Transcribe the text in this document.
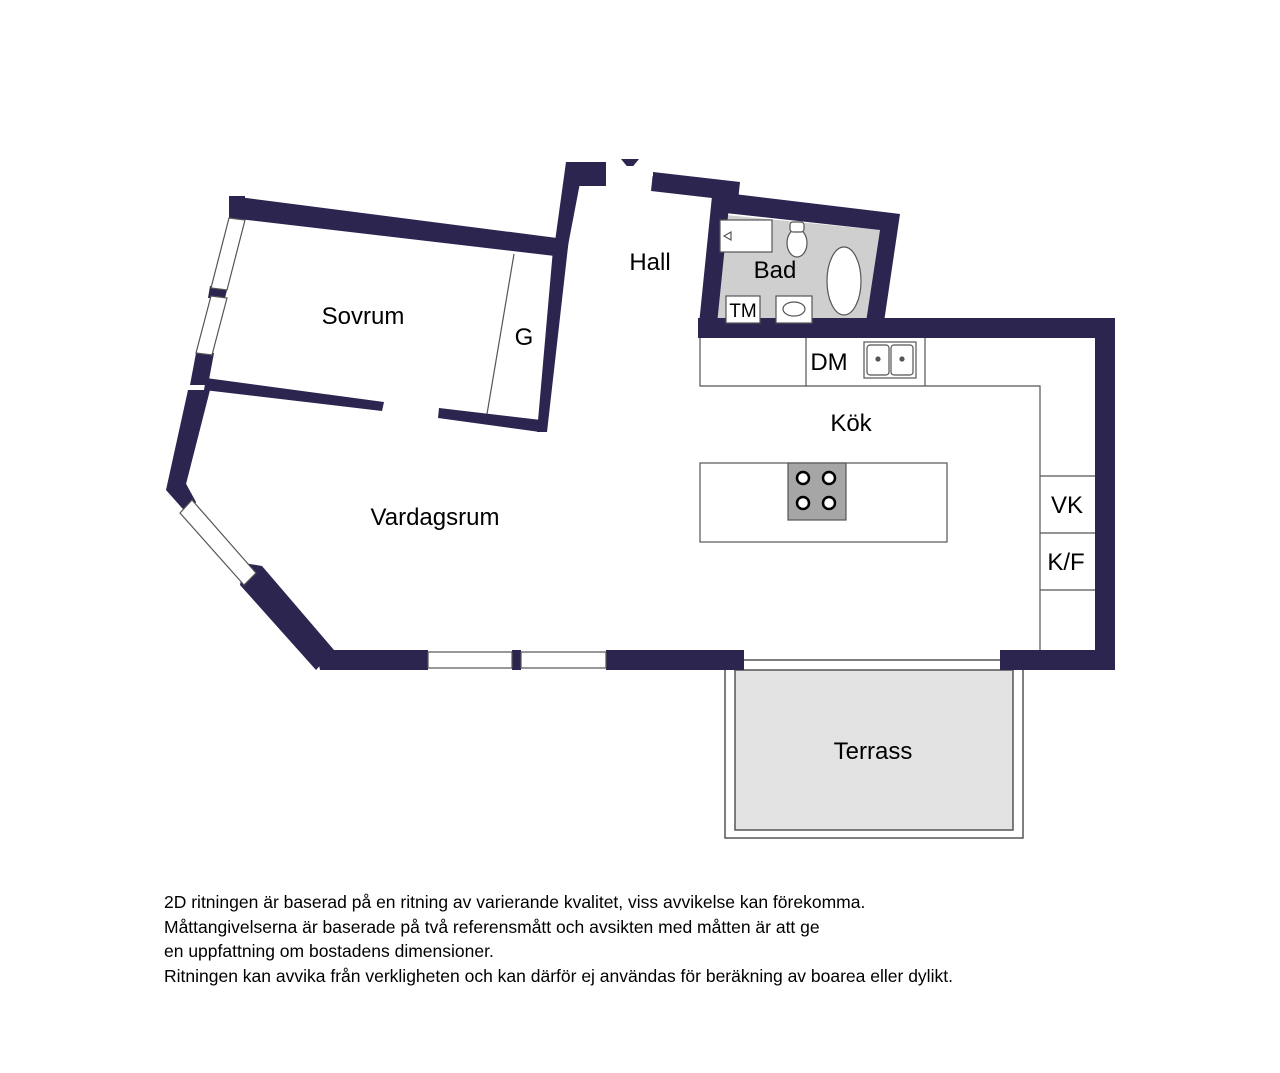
Sovrum
Hall	Bad
G
TM
DM
Kök
Vardagsrum	VK
K/F
Terrass
2D ritningen är baserad på en ritning av varierande kvalitet, viss avvikelse kan förekomma.
Måttangivelserna är baserade på två referensmått och avsikten med måtten är att ge
en uppfattning om bostadens dimensioner.
Ritningen kan avvika från verkligheten och kan därför ej användas för beräkning av boarea eller dylikt.
